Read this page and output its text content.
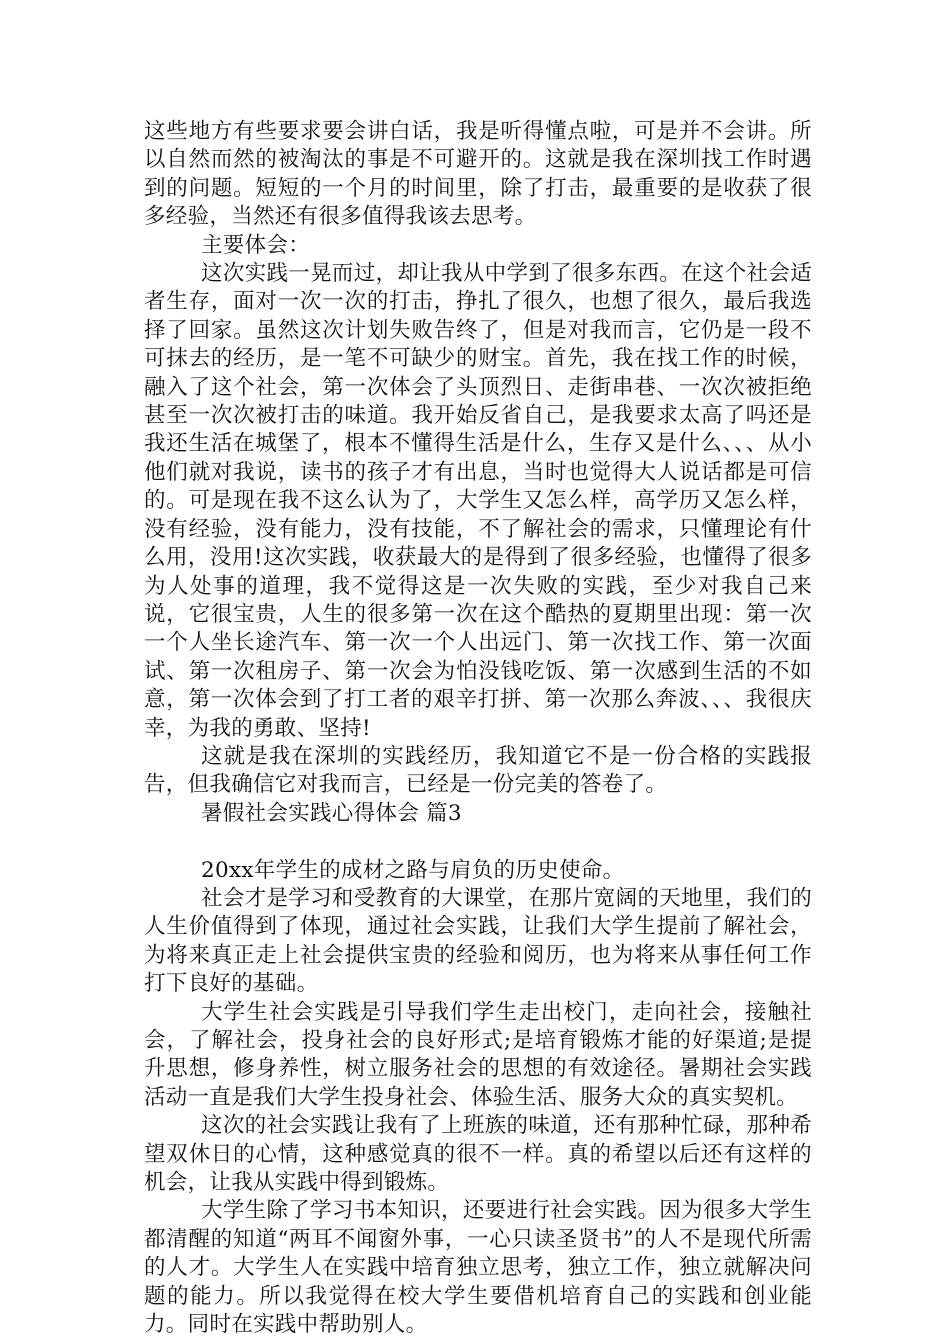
这些地方有些要求要会讲白话，我是听得懂点啦，可是并不会讲。所以自然而然的被淘汰的事是不可避开的。这就是我在深圳找工作时遇到的问题。短短的一个月的时间里，除了打击，最重要的是收获了很多经验，当然还有很多值得我该去思考。

主要体会：

这次实践一晃而过，却让我从中学到了很多东西。在这个社会适者生存，面对一次一次的打击，挣扎了很久，也想了很久，最后我选择了回家。虽然这次计划失败告终了，但是对我而言，它仍是一段不可抹去的经历，是一笔不可缺少的财宝。首先，我在找工作的时候，融入了这个社会，第一次体会了头顶烈日、走街串巷、一次次被拒绝甚至一次次被打击的味道。我开始反省自己，是我要求太高了吗还是我还生活在城堡了，根本不懂得生活是什么，生存又是什么、、、从小他们就对我说，读书的孩子才有出息，当时也觉得大人说话都是可信的。可是现在我不这么认为了，大学生又怎么样，高学历又怎么样，没有经验，没有能力，没有技能，不了解社会的需求，只懂理论有什么用，没用!这次实践，收获最大的是得到了很多经验，也懂得了很多为人处事的道理，我不觉得这是一次失败的实践，至少对我自己来说，它很宝贵，人生的很多第一次在这个酷热的夏期里出现：第一次一个人坐长途汽车、第一次一个人出远门、第一次找工作、第一次面试、第一次租房子、第一次会为怕没钱吃饭、第一次感到生活的不如意，第一次体会到了打工者的艰辛打拼、第一次那么奔波、、、我很庆幸，为我的勇敢、坚持!

这就是我在深圳的实践经历，我知道它不是一份合格的实践报告，但我确信它对我而言，已经是一份完美的答卷了。

暑假社会实践心得体会 篇3

20xx年学生的成材之路与肩负的历史使命。

社会才是学习和受教育的大课堂，在那片宽阔的天地里，我们的人生价值得到了体现，通过社会实践，让我们大学生提前了解社会，为将来真正走上社会提供宝贵的经验和阅历，也为将来从事任何工作打下良好的基础。

大学生社会实践是引导我们学生走出校门，走向社会，接触社会，了解社会，投身社会的良好形式;是培育锻炼才能的好渠道;是提升思想，修身养性，树立服务社会的思想的有效途径。暑期社会实践活动一直是我们大学生投身社会、体验生活、服务大众的真实契机。

这次的社会实践让我有了上班族的味道，还有那种忙碌，那种希望双休日的心情，这种感觉真的很不一样。真的希望以后还有这样的机会，让我从实践中得到锻炼。

大学生除了学习书本知识，还要进行社会实践。因为很多大学生都清醒的知道“两耳不闻窗外事，一心只读圣贤书”的人不是现代所需的人才。大学生人在实践中培育独立思考，独立工作，独立就解决问题的能力。所以我觉得在校大学生要借机培育自己的实践和创业能力。同时在实践中帮助别人。
